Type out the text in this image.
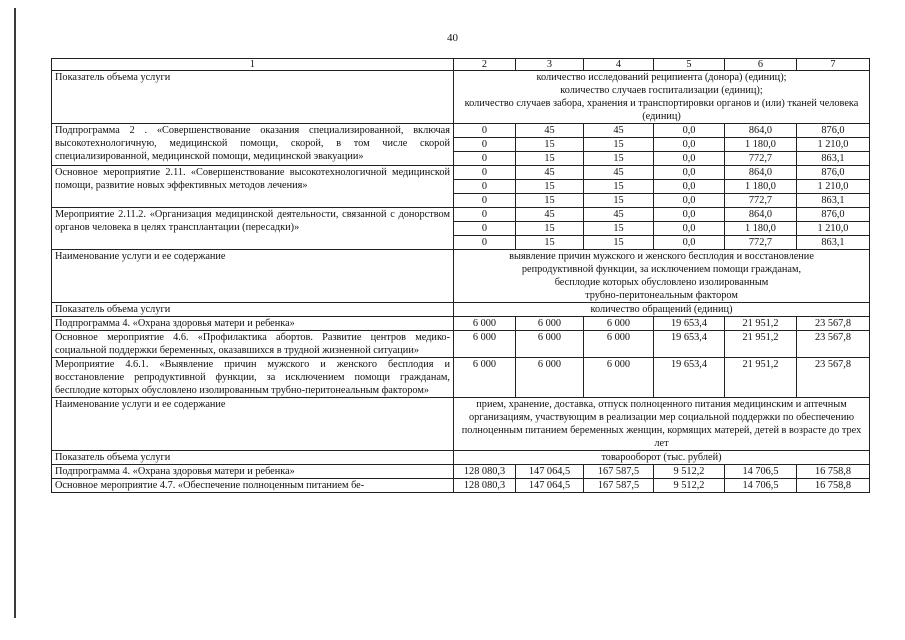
40
1	2	3	4	5	6	7
Показатель объема услуги	количество исследований реципиента (донора) (единиц);
количество случаев госпитализации (единиц);
количество случаев забора, хранения и транспортировки органов и (или) тканей человека (единиц)					
Подпрограмма 2 . «Совершенствование оказания специализированной, включая высокотехнологичную, медицинской помощи, скорой, в том числе скорой специализированной, медицинской помощи, медицинской эвакуации»	0	45	45	0,0	864,0	876,0
	0	15	15	0,0	1 180,0	1 210,0
	0	15	15	0,0	772,7	863,1
Основное мероприятие 2.11. «Совершенствование высокотехнологичной медицинской помощи, развитие новых эффективных методов лечения»	0	45	45	0,0	864,0	876,0
	0	15	15	0,0	1 180,0	1 210,0
	0	15	15	0,0	772,7	863,1
Мероприятие 2.11.2. «Организация медицинской деятельности, связанной с донорством органов человека в целях трансплантации (пересадки)»	0	45	45	0,0	864,0	876,0
	0	15	15	0,0	1 180,0	1 210,0
	0	15	15	0,0	772,7	863,1
Наименование услуги и ее содержание	выявление причин мужского и женского бесплодия и восстановление
репродуктивной функции, за исключением помощи гражданам,
бесплодие которых обусловлено изолированным
трубно-перитонеальным фактором					
Показатель объема услуги	количество обращений (единиц)					
Подпрограмма 4. «Охрана здоровья матери и ребенка»	6 000	6 000	6 000	19 653,4	21 951,2	23 567,8
Основное мероприятие 4.6. «Профилактика абортов. Развитие центров медико-социальной поддержки беременных, оказавшихся в трудной жизненной ситуации»	6 000	6 000	6 000	19 653,4	21 951,2	23 567,8
Мероприятие 4.6.1. «Выявление причин мужского и женского бесплодия и восстановление репродуктивной функции, за исключением помощи гражданам, бесплодие которых обусловлено изолированным трубно-перитонеальным фактором»	6 000	6 000	6 000	19 653,4	21 951,2	23 567,8
Наименование услуги и ее содержание	прием, хранение, доставка, отпуск полноценного питания медицинским и аптечным организациям, участвующим в реализации мер социальной поддержки по обеспечению полноценным питанием беременных женщин, кормящих матерей, детей в возрасте до трех лет					
Показатель объема услуги	товарооборот (тыс. рублей)					
Подпрограмма 4. «Охрана здоровья матери и ребенка»	128 080,3	147 064,5	167 587,5	9 512,2	14 706,5	16 758,8
Основное мероприятие 4.7. «Обеспечение полноценным питанием бе-	128 080,3	147 064,5	167 587,5	9 512,2	14 706,5	16 758,8
